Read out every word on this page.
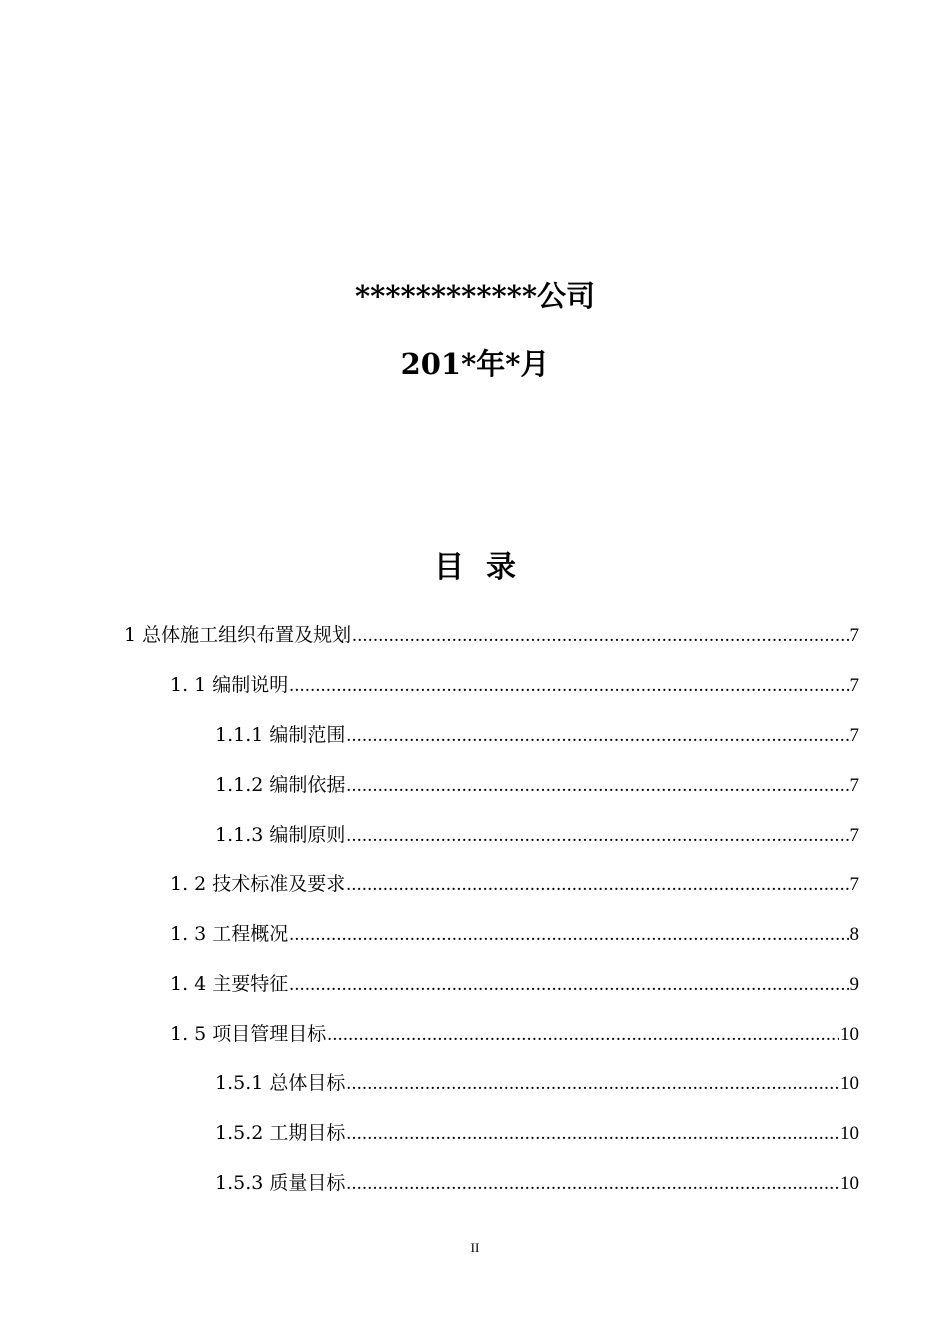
************公司
201*年*月
目录
1 总体施工组织布置及规划 .....	7
1. 1 编制说明 .....	7
1.1.1 编制范围 .....	7
1.1.2 编制依据 .....	7
1.1.3 编制原则 .....	7
1. 2 技术标准及要求 .....	7
1. 3 工程概况 .....	8
1. 4 主要特征 .....	9
1. 5 项目管理目标 .....	10
1.5.1 总体目标 .....	10
1.5.2 工期目标 .....	10
1.5.3 质量目标 .....	10
II
